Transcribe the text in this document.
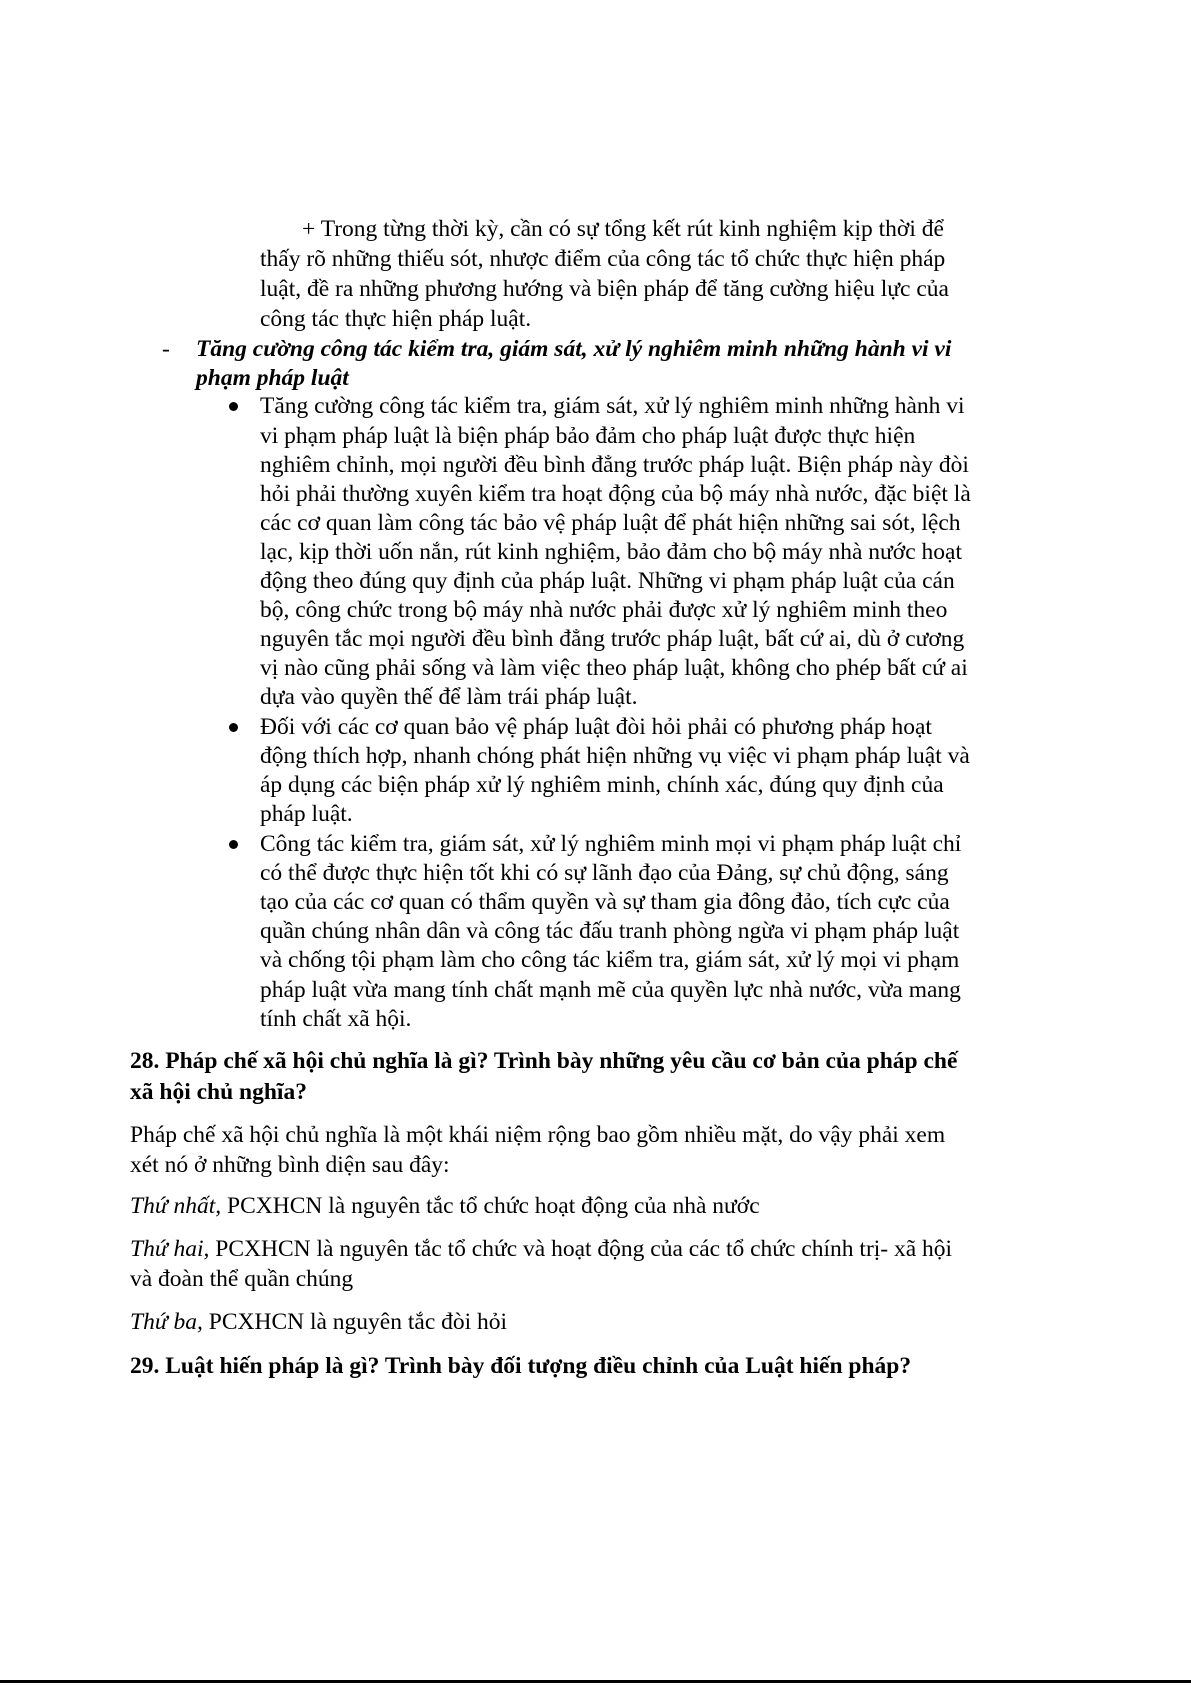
+ Trong từng thời kỳ, cần có sự tổng kết rút kinh nghiệm kịp thời để
thấy rõ những thiếu sót, nhược điểm của công tác tổ chức thực hiện pháp
luật, đề ra những phương hướng và biện pháp để tăng cường hiệu lực của
công tác thực hiện pháp luật.
- Tăng cường công tác kiểm tra, giám sát, xử lý nghiêm minh những hành vi vi
phạm pháp luật
Tăng cường công tác kiểm tra, giám sát, xử lý nghiêm minh những hành vi
vi phạm pháp luật là biện pháp bảo đảm cho pháp luật được thực hiện
nghiêm chỉnh, mọi người đều bình đẳng trước pháp luật. Biện pháp này đòi
hỏi phải thường xuyên kiểm tra hoạt động của bộ máy nhà nước, đặc biệt là
các cơ quan làm công tác bảo vệ pháp luật để phát hiện những sai sót, lệch
lạc, kịp thời uốn nắn, rút kinh nghiệm, bảo đảm cho bộ máy nhà nước hoạt
động theo đúng quy định của pháp luật. Những vi phạm pháp luật của cán
bộ, công chức trong bộ máy nhà nước phải được xử lý nghiêm minh theo
nguyên tắc mọi người đều bình đẳng trước pháp luật, bất cứ ai, dù ở cương
vị nào cũng phải sống và làm việc theo pháp luật, không cho phép bất cứ ai
dựa vào quyền thế để làm trái pháp luật.
Đối với các cơ quan bảo vệ pháp luật đòi hỏi phải có phương pháp hoạt
động thích hợp, nhanh chóng phát hiện những vụ việc vi phạm pháp luật và
áp dụng các biện pháp xử lý nghiêm minh, chính xác, đúng quy định của
pháp luật.
Công tác kiểm tra, giám sát, xử lý nghiêm minh mọi vi phạm pháp luật chỉ
có thể được thực hiện tốt khi có sự lãnh đạo của Đảng, sự chủ động, sáng
tạo của các cơ quan có thẩm quyền và sự tham gia đông đảo, tích cực của
quần chúng nhân dân và công tác đấu tranh phòng ngừa vi phạm pháp luật
và chống tội phạm làm cho công tác kiểm tra, giám sát, xử lý mọi vi phạm
pháp luật vừa mang tính chất mạnh mẽ của quyền lực nhà nước, vừa mang
tính chất xã hội.
28. Pháp chế xã hội chủ nghĩa là gì? Trình bày những yêu cầu cơ bản của pháp chế
xã hội chủ nghĩa?
Pháp chế xã hội chủ nghĩa là một khái niệm rộng bao gồm nhiều mặt, do vậy phải xem
xét nó ở những bình diện sau đây:
Thứ nhất, PCXHCN là nguyên tắc tổ chức hoạt động của nhà nước
Thứ hai, PCXHCN là nguyên tắc tổ chức và hoạt động của các tổ chức chính trị- xã hội
và đoàn thể quần chúng
Thứ ba, PCXHCN là nguyên tắc đòi hỏi
29. Luật hiến pháp là gì? Trình bày đối tượng điều chỉnh của Luật hiến pháp?
